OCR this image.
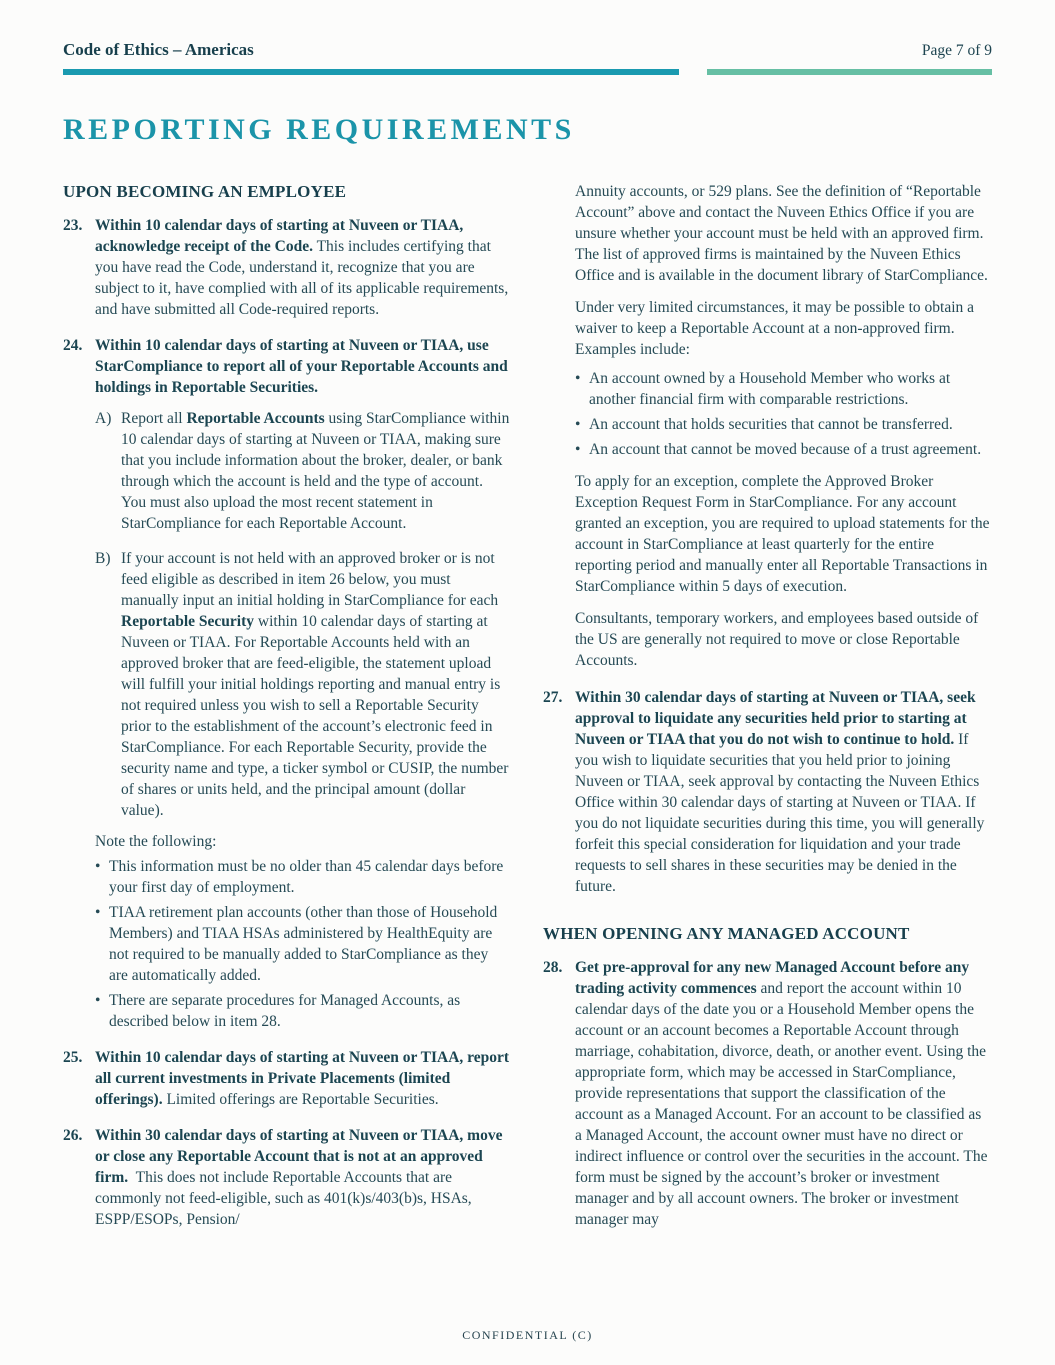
Code of Ethics – Americas	Page 7 of 9
REPORTING REQUIREMENTS
UPON BECOMING AN EMPLOYEE
23. Within 10 calendar days of starting at Nuveen or TIAA, acknowledge receipt of the Code. This includes certifying that you have read the Code, understand it, recognize that you are subject to it, have complied with all of its applicable requirements, and have submitted all Code-required reports.

24. Within 10 calendar days of starting at Nuveen or TIAA, use StarCompliance to report all of your Reportable Accounts and holdings in Reportable Securities.

A) Report all Reportable Accounts using StarCompliance within 10 calendar days of starting at Nuveen or TIAA, making sure that you include information about the broker, dealer, or bank through which the account is held and the type of account. You must also upload the most recent statement in StarCompliance for each Reportable Account.
B) If your account is not held with an approved broker or is not feed eligible as described in item 26 below, you must manually input an initial holding in StarCompliance for each Reportable Security within 10 calendar days of starting at Nuveen or TIAA. For Reportable Accounts held with an approved broker that are feed-eligible, the statement upload will fulfill your initial holdings reporting and manual entry is not required unless you wish to sell a Reportable Security prior to the establishment of the account’s electronic feed in StarCompliance. For each Reportable Security, provide the security name and type, a ticker symbol or CUSIP, the number of shares or units held, and the principal amount (dollar value).

Note the following:

• This information must be no older than 45 calendar days before your first day of employment.
• TIAA retirement plan accounts (other than those of Household Members) and TIAA HSAs administered by HealthEquity are not required to be manually added to StarCompliance as they are automatically added.
• There are separate procedures for Managed Accounts, as described below in item 28.
25. Within 10 calendar days of starting at Nuveen or TIAA, report all current investments in Private Placements (limited offerings). Limited offerings are Reportable Securities.

26. Within 30 calendar days of starting at Nuveen or TIAA, move or close any Reportable Account that is not at an approved firm. This does not include Reportable Accounts that are commonly not feed-eligible, such as 401(k)s/403(b)s, HSAs, ESPP/ESOPs, Pension/

Annuity accounts, or 529 plans. See the definition of “Reportable Account” above and contact the Nuveen Ethics Office if you are unsure whether your account must be held with an approved firm. The list of approved firms is maintained by the Nuveen Ethics Office and is available in the document library of StarCompliance.

Under very limited circumstances, it may be possible to obtain a waiver to keep a Reportable Account at a non-approved firm. Examples include:

• An account owned by a Household Member who works at another financial firm with comparable restrictions.
• An account that holds securities that cannot be transferred.
• An account that cannot be moved because of a trust agreement.

To apply for an exception, complete the Approved Broker Exception Request Form in StarCompliance. For any account granted an exception, you are required to upload statements for the account in StarCompliance at least quarterly for the entire reporting period and manually enter all Reportable Transactions in StarCompliance within 5 days of execution.

Consultants, temporary workers, and employees based outside of the US are generally not required to move or close Reportable Accounts.

27. Within 30 calendar days of starting at Nuveen or TIAA, seek approval to liquidate any securities held prior to starting at Nuveen or TIAA that you do not wish to continue to hold. If you wish to liquidate securities that you held prior to joining Nuveen or TIAA, seek approval by contacting the Nuveen Ethics Office within 30 calendar days of starting at Nuveen or TIAA. If you do not liquidate securities during this time, you will generally forfeit this special consideration for liquidation and your trade requests to sell shares in these securities may be denied in the future.

WHEN OPENING ANY MANAGED ACCOUNT
28. Get pre-approval for any new Managed Account before any trading activity commences and report the account within 10 calendar days of the date you or a Household Member opens the account or an account becomes a Reportable Account through marriage, cohabitation, divorce, death, or another event. Using the appropriate form, which may be accessed in StarCompliance, provide representations that support the classification of the account as a Managed Account. For an account to be classified as a Managed Account, the account owner must have no direct or indirect influence or control over the securities in the account. The form must be signed by the account’s broker or investment manager and by all account owners. The broker or investment manager may

CONFIDENTIAL (C)
